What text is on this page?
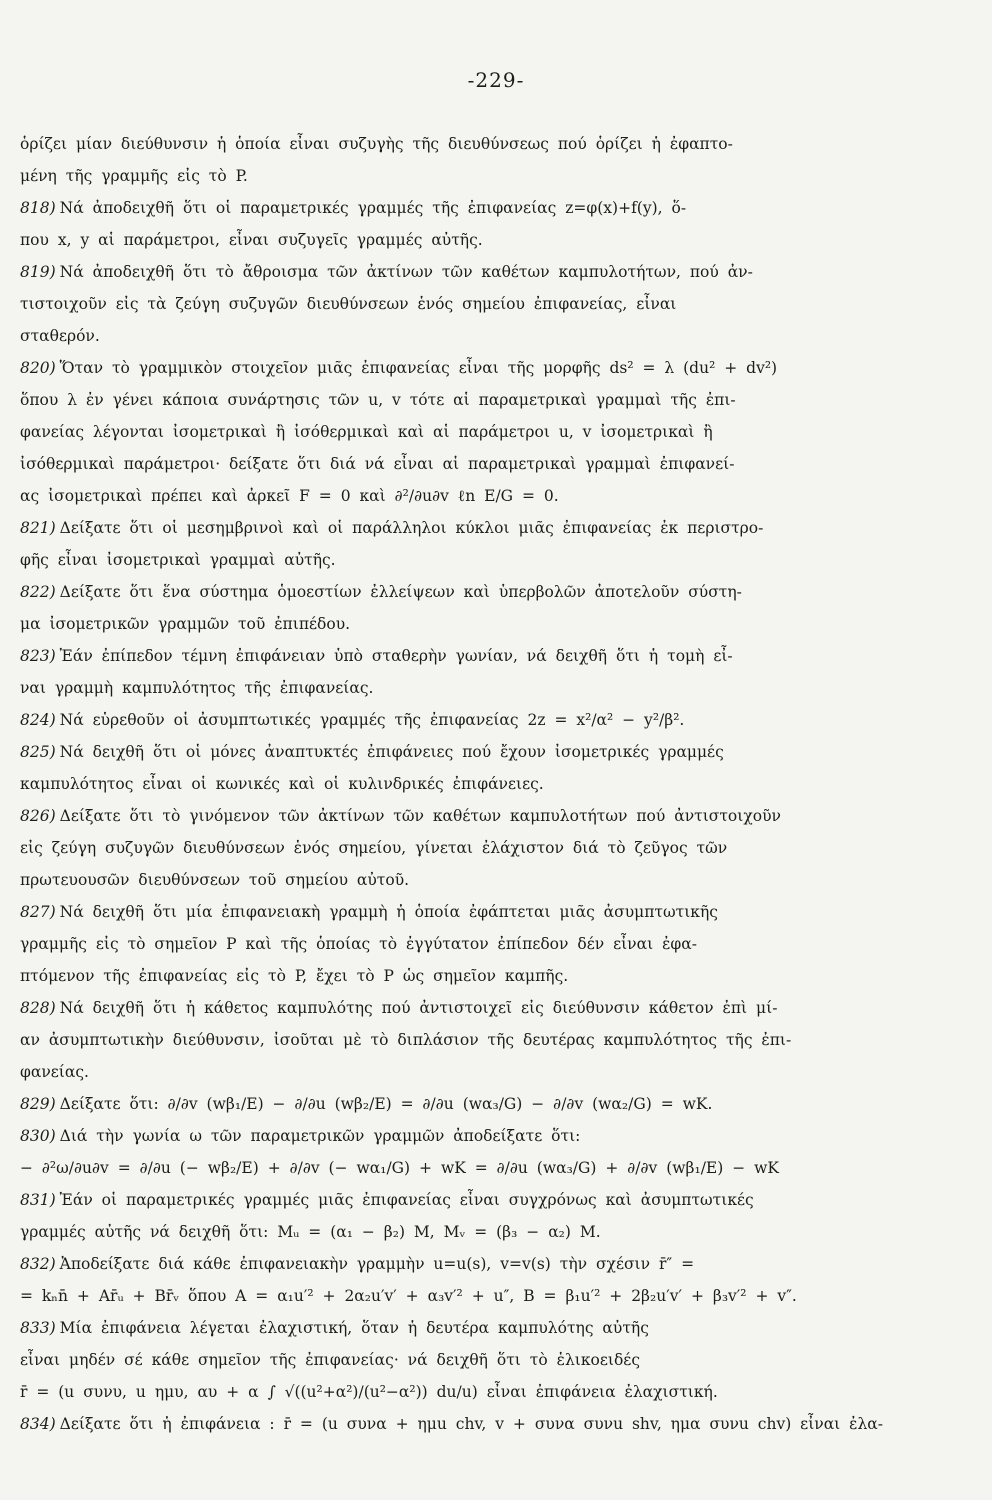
-229-
ὁρίζει μίαν διεύθυνσιν ἡ ὁποία εἶναι συζυγὴς τῆς διευθύνσεως πού ὁρίζει ἡ ἐφαπτο-
μένη τῆς γραμμῆς εἰς τὸ P.
818) Νά ἀποδειχθῆ ὅτι οἱ παραμετρικές γραμμές τῆς ἐπιφανείας z=φ(x)+f(y), ὅ-
που x, y αἱ παράμετροι, εἶναι συζυγεῖς γραμμές αὐτῆς.
819) Νά ἀποδειχθῆ ὅτι τὸ ἄθροισμα τῶν ἀκτίνων τῶν καθέτων καμπυλοτήτων, πού ἀν-
τιστοιχοῦν εἰς τὰ ζεύγη συζυγῶν διευθύνσεων ἑνός σημείου ἐπιφανείας, εἶναι
σταθερόν.
820) Ὅταν τὸ γραμμικὸν στοιχεῖον μιᾶς ἐπιφανείας εἶναι τῆς μορφῆς ds² = λ (du² + dv²)
ὅπου λ ἐν γένει κάποια συνάρτησις τῶν u, v τότε αἱ παραμετρικαὶ γραμμαὶ τῆς ἐπι-
φανείας λέγονται ἰσομετρικαὶ ἢ ἰσόθερμικαὶ καὶ αἱ παράμετροι u, v ἰσομετρικαὶ ἢ
ἰσόθερμικαὶ παράμετροι· δείξατε ὅτι διά νά εἶναι αἱ παραμετρικαὶ γραμμαὶ ἐπιφανεί-
ας ἰσομετρικαὶ πρέπει καὶ ἀρκεῖ F = 0 καὶ ∂²/∂u∂v ℓn E/G = 0.
821) Δείξατε ὅτι οἱ μεσημβρινοὶ καὶ οἱ παράλληλοι κύκλοι μιᾶς ἐπιφανείας ἐκ περιστρο-
φῆς εἶναι ἰσομετρικαὶ γραμμαὶ αὐτῆς.
822) Δείξατε ὅτι ἕνα σύστημα ὁμοεστίων ἐλλείψεων καὶ ὑπερβολῶν ἀποτελοῦν σύστη-
μα ἰσομετρικῶν γραμμῶν τοῦ ἐπιπέδου.
823) Ἐάν ἐπίπεδον τέμνη ἐπιφάνειαν ὑπὸ σταθερὴν γωνίαν, νά δειχθῆ ὅτι ἡ τομὴ εἶ-
ναι γραμμὴ καμπυλότητος τῆς ἐπιφανείας.
824) Νά εὑρεθοῦν οἱ ἀσυμπτωτικές γραμμές τῆς ἐπιφανείας 2z = x²/α² − y²/β².
825) Νά δειχθῆ ὅτι οἱ μόνες ἀναπτυκτές ἐπιφάνειες πού ἔχουν ἰσομετρικές γραμμές
καμπυλότητος εἶναι οἱ κωνικές καὶ οἱ κυλινδρικές ἐπιφάνειες.
826) Δείξατε ὅτι τὸ γινόμενον τῶν ἀκτίνων τῶν καθέτων καμπυλοτήτων πού ἀντιστοιχοῦν
εἰς ζεύγη συζυγῶν διευθύνσεων ἑνός σημείου, γίνεται ἐλάχιστον διά τὸ ζεῦγος τῶν
πρωτευουσῶν διευθύνσεων τοῦ σημείου αὐτοῦ.
827) Νά δειχθῆ ὅτι μία ἐπιφανειακὴ γραμμὴ ἡ ὁποία ἐφάπτεται μιᾶς ἀσυμπτωτικῆς
γραμμῆς εἰς τὸ σημεῖον P καὶ τῆς ὁποίας τὸ ἐγγύτατον ἐπίπεδον δέν εἶναι ἐφα-
πτόμενον τῆς ἐπιφανείας εἰς τὸ P, ἔχει τὸ P ὡς σημεῖον καμπῆς.
828) Νά δειχθῆ ὅτι ἡ κάθετος καμπυλότης πού ἀντιστοιχεῖ εἰς διεύθυνσιν κάθετον ἐπὶ μί-
αν ἀσυμπτωτικὴν διεύθυνσιν, ἰσοῦται μὲ τὸ διπλάσιον τῆς δευτέρας καμπυλότητος τῆς ἐπι-
φανείας.
829) Δείξατε ὅτι: ∂/∂v (wβ₁/E) − ∂/∂u (wβ₂/E) = ∂/∂u (wα₃/G) − ∂/∂v (wα₂/G) = wK.
830) Διά τὴν γωνία ω τῶν παραμετρικῶν γραμμῶν ἀποδείξατε ὅτι:
− ∂²ω/∂u∂v = ∂/∂u (− wβ₂/E) + ∂/∂v (− wα₁/G) + wK = ∂/∂u (wα₃/G) + ∂/∂v (wβ₁/E) − wK
831) Ἐάν οἱ παραμετρικές γραμμές μιᾶς ἐπιφανείας εἶναι συγχρόνως καὶ ἀσυμπτωτικές
γραμμές αὐτῆς νά δειχθῆ ὅτι: Mᵤ = (α₁ − β₂) M, Mᵥ = (β₃ − α₂) M.
832) Ἀποδείξατε διά κάθε ἐπιφανειακὴν γραμμὴν u=u(s), v=v(s) τὴν σχέσιν r̄″ =
= kₙn̄ + Ar̄ᵤ + Br̄ᵥ ὅπου A = α₁u′² + 2α₂u′v′ + α₃v′² + u″, B = β₁u′² + 2β₂u′v′ + β₃v′² + v″.
833) Μία ἐπιφάνεια λέγεται ἐλαχιστική, ὅταν ἡ δευτέρα καμπυλότης αὐτῆς
εἶναι μηδέν σέ κάθε σημεῖον τῆς ἐπιφανείας· νά δειχθῆ ὅτι τὸ ἑλικοειδές
r̄ = (u συνυ, u ημυ, αυ + α ∫ √((u²+α²)/(u²−α²)) du/u) εἶναι ἐπιφάνεια ἐλαχιστική.
834) Δείξατε ὅτι ἡ ἐπιφάνεια : r̄ = (u συνα + ημu chv, v + συνα συνu shv, ημα συνu chv) εἶναι ἐλα-
